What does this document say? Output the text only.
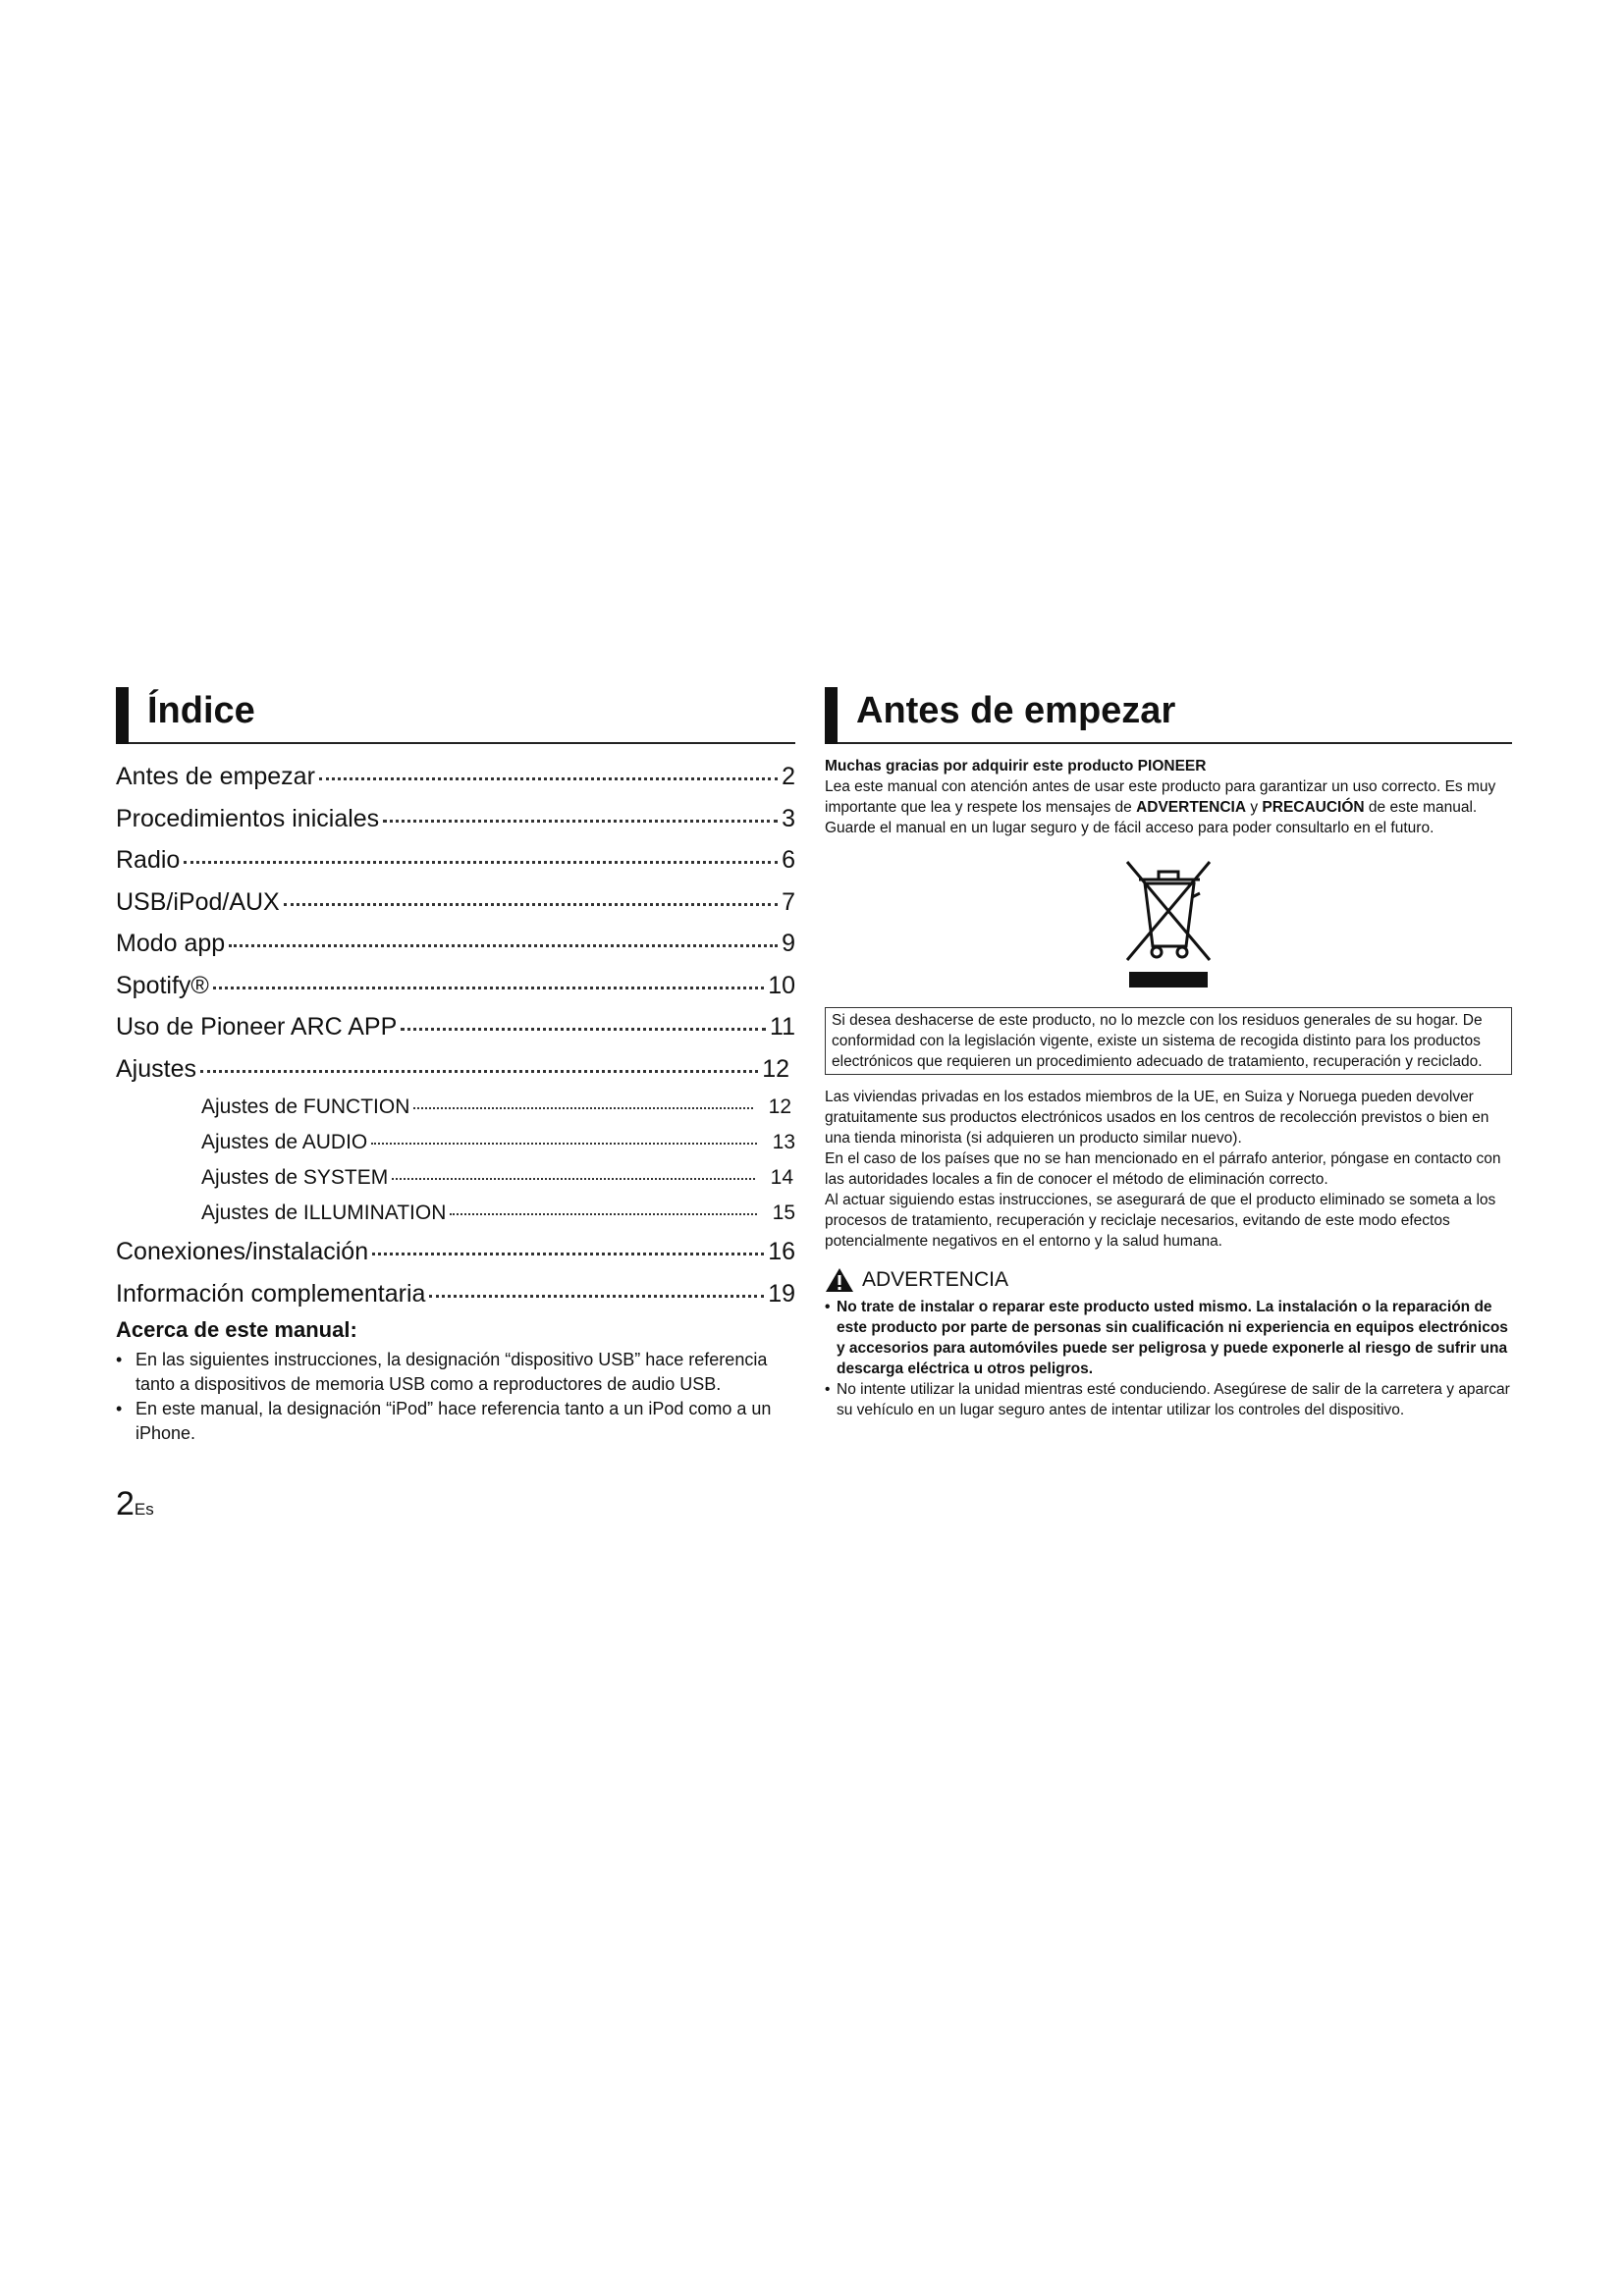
Índice
Antes de empezar	2
Procedimientos iniciales	3
Radio	6
USB/iPod/AUX	7
Modo app	9
Spotify®	10
Uso de Pioneer ARC APP	11
Ajustes	12
Ajustes de FUNCTION	12
Ajustes de AUDIO	13
Ajustes de SYSTEM	14
Ajustes de ILLUMINATION	15
Conexiones/instalación	16
Información complementaria	19
Acerca de este manual:
• En las siguientes instrucciones, la designación “dispositivo USB” hace referencia tanto a dispositivos de memoria USB como a reproductores de audio USB.
• En este manual, la designación “iPod” hace referencia tanto a un iPod como a un iPhone.
Antes de empezar
Muchas gracias por adquirir este producto PIONEER
Lea este manual con atención antes de usar este producto para garantizar un uso correcto. Es muy importante que lea y respete los mensajes de ADVERTENCIA y PRECAUCIÓN de este manual. Guarde el manual en un lugar seguro y de fácil acceso para poder consultarlo en el futuro.
Si desea deshacerse de este producto, no lo mezcle con los residuos generales de su hogar. De conformidad con la legislación vigente, existe un sistema de recogida distinto para los productos electrónicos que requieren un procedimiento adecuado de tratamiento, recuperación y reciclado.
Las viviendas privadas en los estados miembros de la UE, en Suiza y Noruega pueden devolver gratuitamente sus productos electrónicos usados en los centros de recolección previstos o bien en una tienda minorista (si adquieren un producto similar nuevo).
En el caso de los países que no se han mencionado en el párrafo anterior, póngase en contacto con las autoridades locales a fin de conocer el método de eliminación correcto.
Al actuar siguiendo estas instrucciones, se asegurará de que el producto eliminado se someta a los procesos de tratamiento, recuperación y reciclaje necesarios, evitando de este modo efectos potencialmente negativos en el entorno y la salud humana.
ADVERTENCIA
• No trate de instalar o reparar este producto usted mismo. La instalación o la reparación de este producto por parte de personas sin cualificación ni experiencia en equipos electrónicos y accesorios para automóviles puede ser peligrosa y puede exponerle al riesgo de sufrir una descarga eléctrica u otros peligros.
• No intente utilizar la unidad mientras esté conduciendo. Asegúrese de salir de la carretera y aparcar su vehículo en un lugar seguro antes de intentar utilizar los controles del dispositivo.
2Es
